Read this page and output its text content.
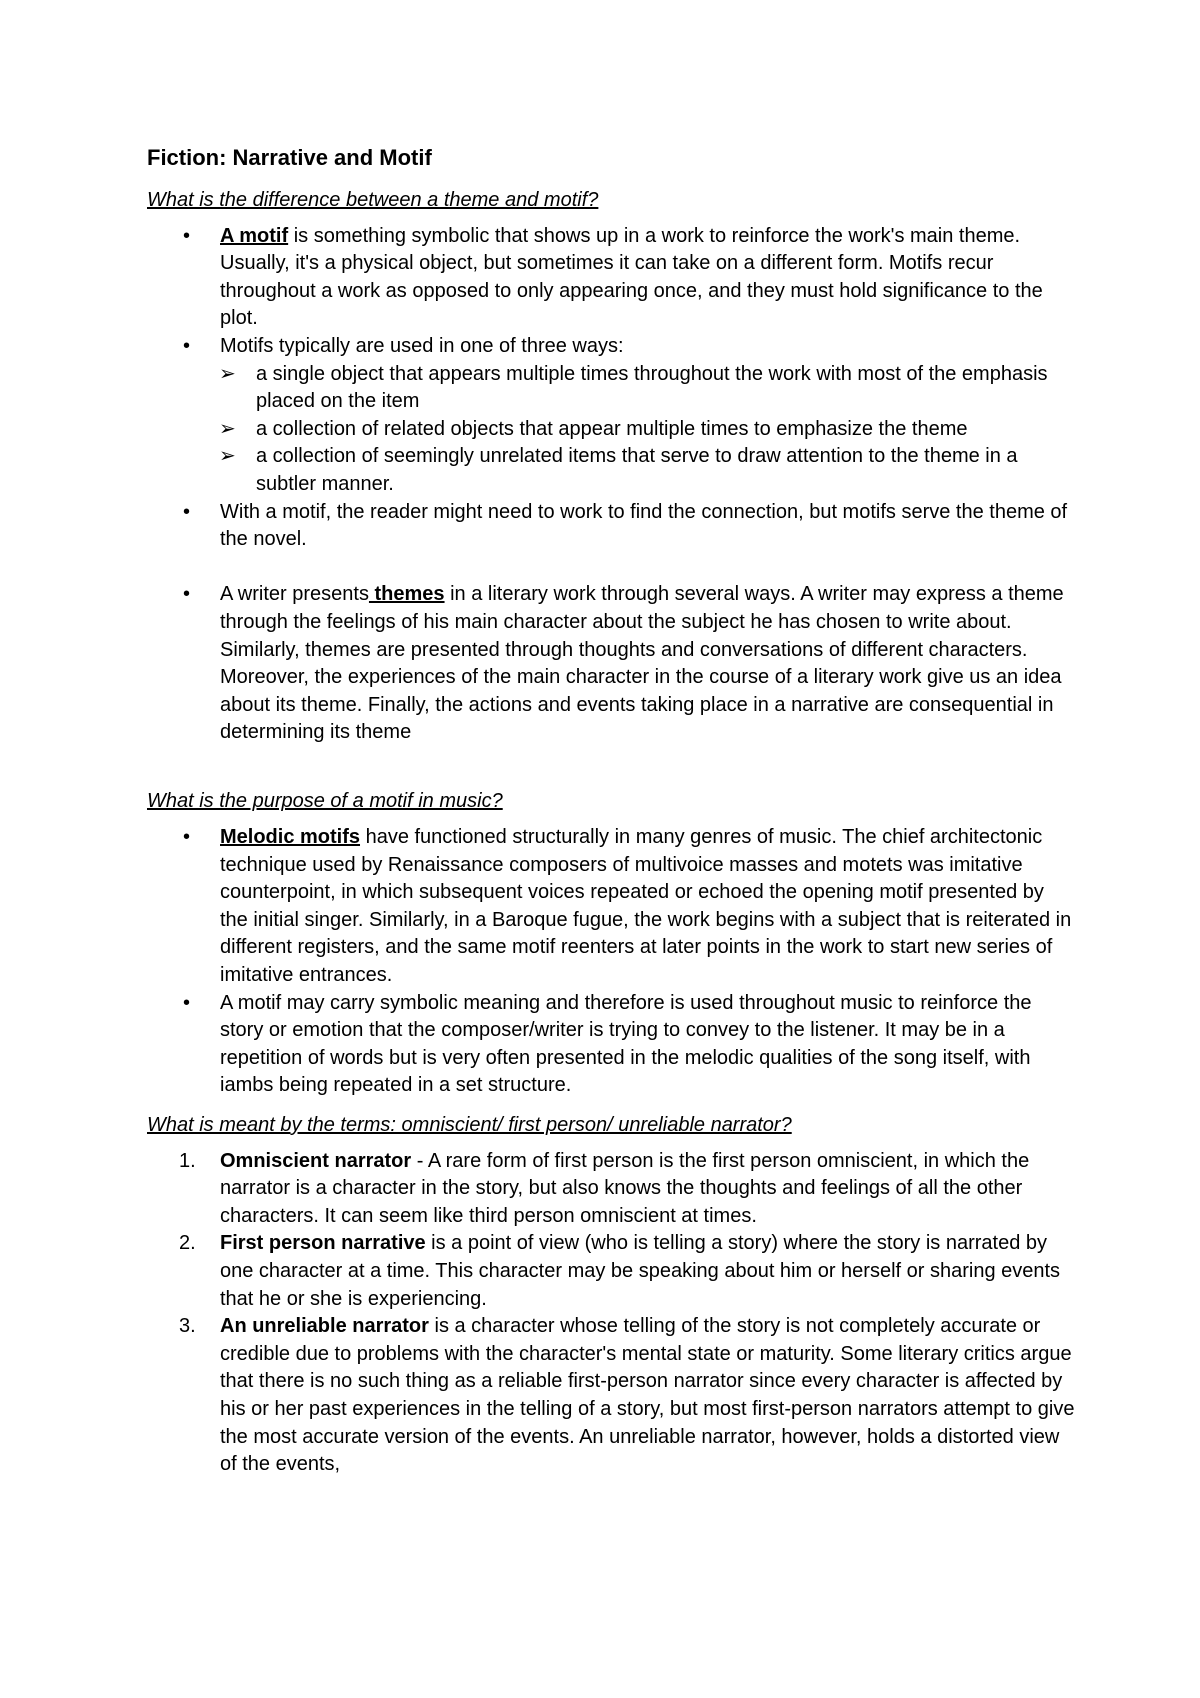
Fiction: Narrative and Motif
What is the difference between a theme and motif?
• A motif is something symbolic that shows up in a work to reinforce the work's main theme. Usually, it's a physical object, but sometimes it can take on a different form. Motifs recur throughout a work as opposed to only appearing once, and they must hold significance to the plot.
• Motifs typically are used in one of three ways:
➢ a single object that appears multiple times throughout the work with most of the emphasis placed on the item
➢ a collection of related objects that appear multiple times to emphasize the theme
➢ a collection of seemingly unrelated items that serve to draw attention to the theme in a subtler manner.
• With a motif, the reader might need to work to find the connection, but motifs serve the theme of the novel.
• A writer presents themes in a literary work through several ways. A writer may express a theme through the feelings of his main character about the subject he has chosen to write about. Similarly, themes are presented through thoughts and conversations of different characters. Moreover, the experiences of the main character in the course of a literary work give us an idea about its theme. Finally, the actions and events taking place in a narrative are consequential in determining its theme
What is the purpose of a motif in music?
• Melodic motifs have functioned structurally in many genres of music. The chief architectonic technique used by Renaissance composers of multivoice masses and motets was imitative counterpoint, in which subsequent voices repeated or echoed the opening motif presented by the initial singer. Similarly, in a Baroque fugue, the work begins with a subject that is reiterated in different registers, and the same motif reenters at later points in the work to start new series of imitative entrances.
• A motif may carry symbolic meaning and therefore is used throughout music to reinforce the story or emotion that the composer/writer is trying to convey to the listener. It may be in a repetition of words but is very often presented in the melodic qualities of the song itself, with iambs being repeated in a set structure.
What is meant by the terms: omniscient/ first person/ unreliable narrator?
1. Omniscient narrator - A rare form of first person is the first person omniscient, in which the narrator is a character in the story, but also knows the thoughts and feelings of all the other characters. It can seem like third person omniscient at times.
2. First person narrative is a point of view (who is telling a story) where the story is narrated by one character at a time. This character may be speaking about him or herself or sharing events that he or she is experiencing.
3. An unreliable narrator is a character whose telling of the story is not completely accurate or credible due to problems with the character's mental state or maturity. Some literary critics argue that there is no such thing as a reliable first-person narrator since every character is affected by his or her past experiences in the telling of a story, but most first-person narrators attempt to give the most accurate version of the events. An unreliable narrator, however, holds a distorted view of the events,
